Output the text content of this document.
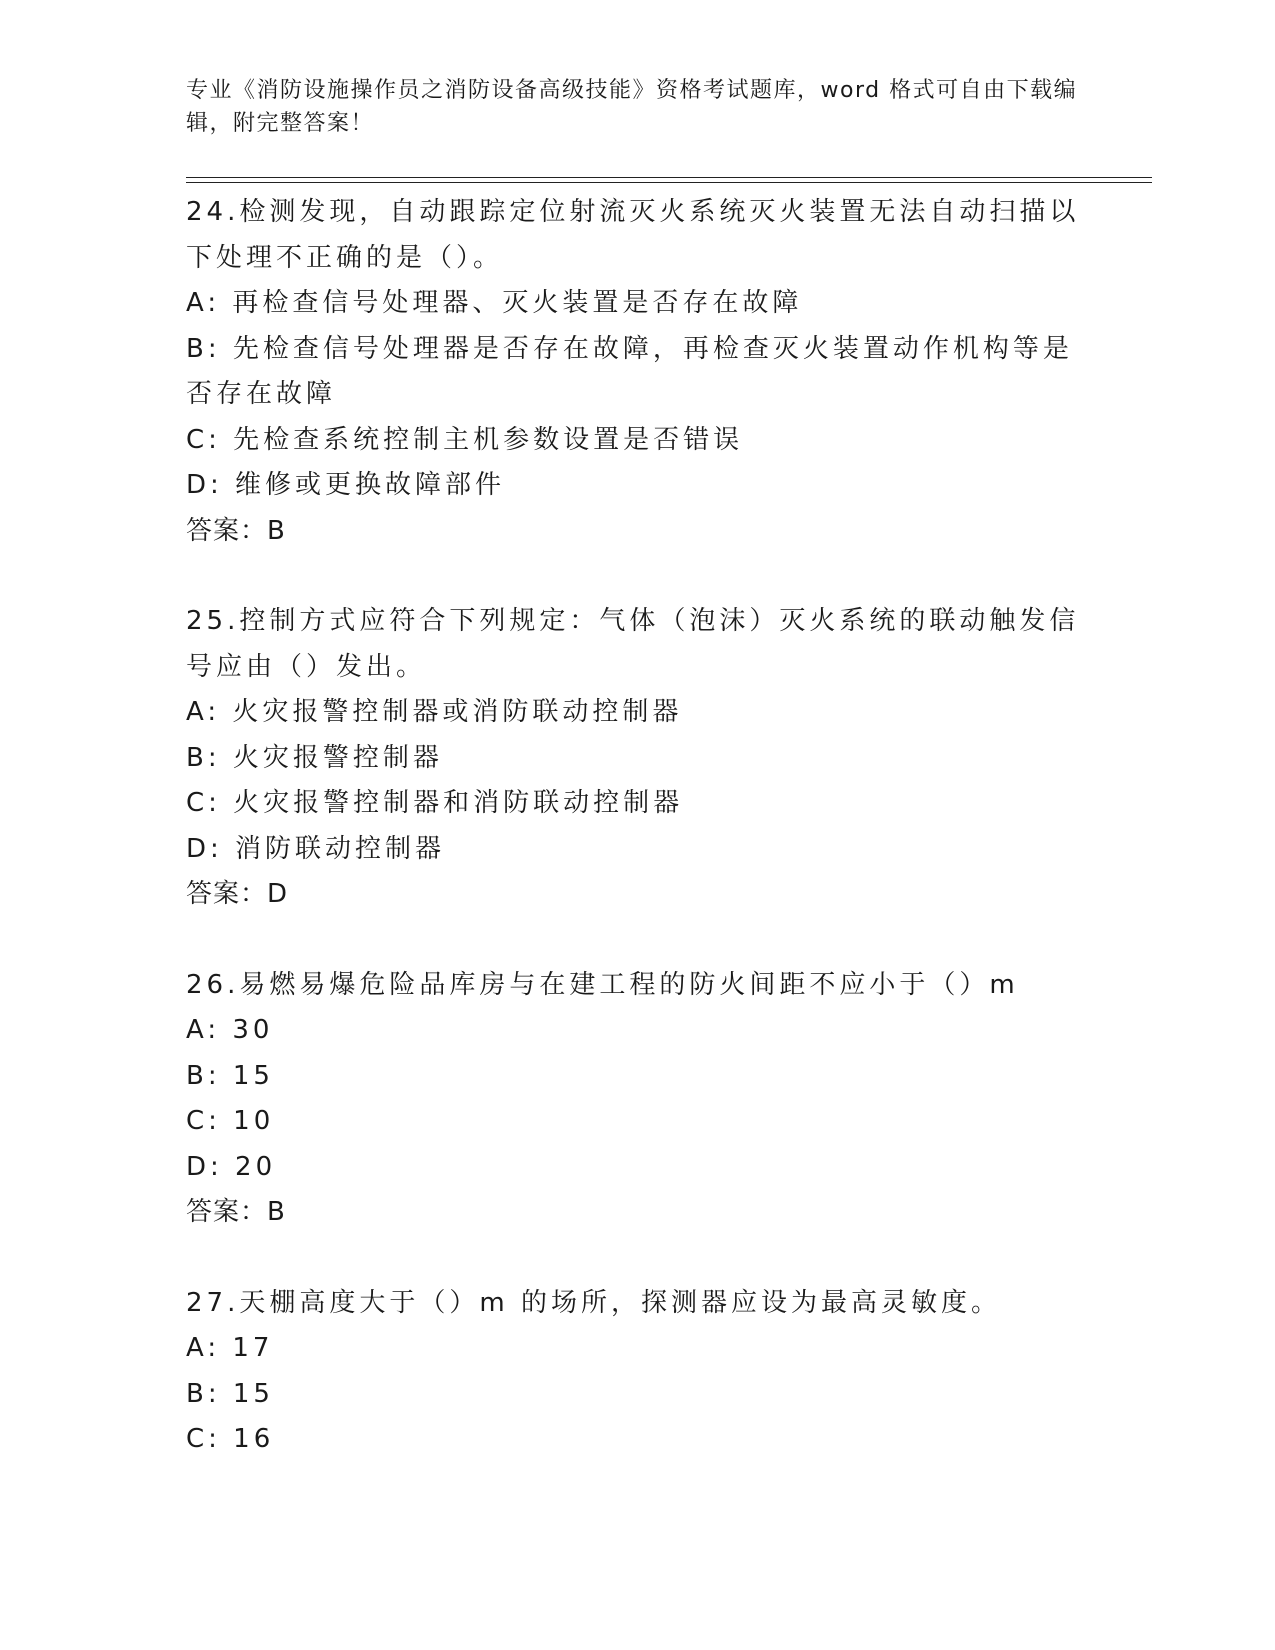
专业《消防设施操作员之消防设备高级技能》资格考试题库，word 格式可自由下载编辑，附完整答案！
24.检测发现，自动跟踪定位射流灭火系统灭火装置无法自动扫描以下处理不正确的是（）。
A: 再检查信号处理器、灭火装置是否存在故障
B: 先检查信号处理器是否存在故障，再检查灭火装置动作机构等是否存在故障
C: 先检查系统控制主机参数设置是否错误
D: 维修或更换故障部件
答案：B
25.控制方式应符合下列规定：气体（泡沫）灭火系统的联动触发信号应由（）发出。
A: 火灾报警控制器或消防联动控制器
B: 火灾报警控制器
C: 火灾报警控制器和消防联动控制器
D: 消防联动控制器
答案：D
26.易燃易爆危险品库房与在建工程的防火间距不应小于（）m
A: 30
B: 15
C: 10
D: 20
答案：B
27.天棚高度大于（）m 的场所，探测器应设为最高灵敏度。
A: 17
B: 15
C: 16
